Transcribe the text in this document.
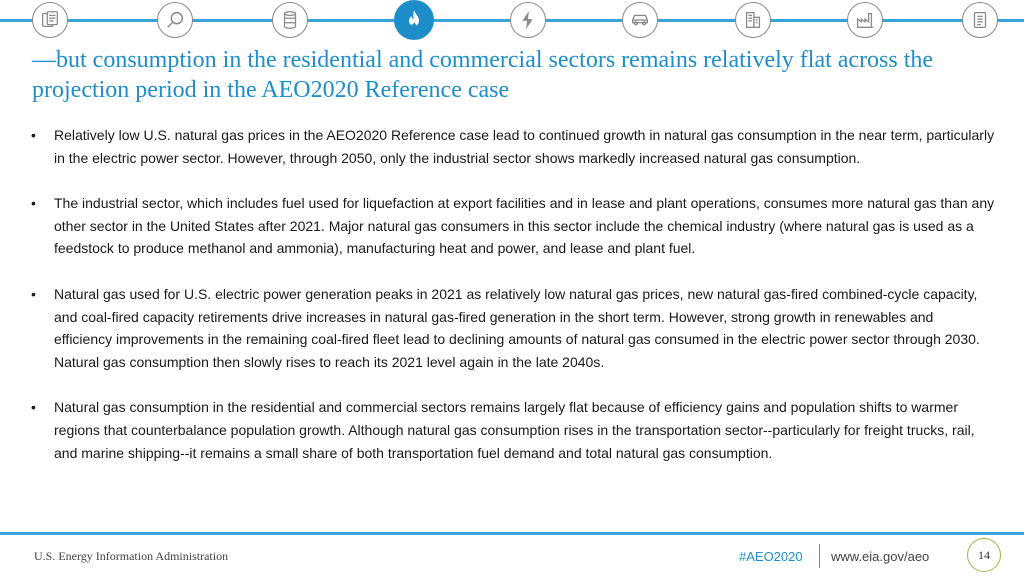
—but consumption in the residential and commercial sectors remains relatively flat across the projection period in the AEO2020 Reference case
• Relatively low U.S. natural gas prices in the AEO2020 Reference case lead to continued growth in natural gas consumption in the near term, particularly in the electric power sector. However, through 2050, only the industrial sector shows markedly increased natural gas consumption.
• The industrial sector, which includes fuel used for liquefaction at export facilities and in lease and plant operations, consumes more natural gas than any other sector in the United States after 2021. Major natural gas consumers in this sector include the chemical industry (where natural gas is used as a feedstock to produce methanol and ammonia), manufacturing heat and power, and lease and plant fuel.
• Natural gas used for U.S. electric power generation peaks in 2021 as relatively low natural gas prices, new natural gas-fired combined-cycle capacity, and coal-fired capacity retirements drive increases in natural gas-fired generation in the short term. However, strong growth in renewables and efficiency improvements in the remaining coal-fired fleet lead to declining amounts of natural gas consumed in the electric power sector through 2030. Natural gas consumption then slowly rises to reach its 2021 level again in the late 2040s.
• Natural gas consumption in the residential and commercial sectors remains largely flat because of efficiency gains and population shifts to warmer regions that counterbalance population growth. Although natural gas consumption rises in the transportation sector--particularly for freight trucks, rail, and marine shipping--it remains a small share of both transportation fuel demand and total natural gas consumption.
U.S. Energy Information Administration	#AEO2020 www.eia.gov/aeo	14
